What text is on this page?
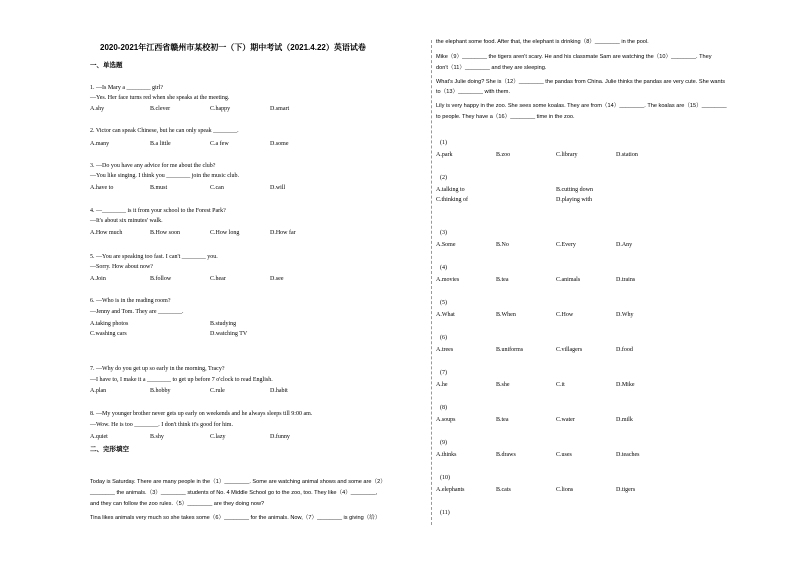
2020-2021年江西省赣州市某校初一（下）期中考试（2021.4.22）英语试卷
一、单选题
1. —Is Mary a ________ girl?
—Yes. Her face turns red when she speaks at the meeting.
A.shy	B.clever	C.happy	D.smart
2. Victor can speak Chinese, but he can only speak ________.
A.many	B.a little	C.a few	D.some
3. —Do you have any advice for me about the club?
—You like singing. I think you ________ join the music club.
A.have to	B.must	C.can	D.will
4. —________ is it from your school to the Forest Park?
—It's about six minutes' walk.
A.How much	B.How soon	C.How long	D.How far
5. —You are speaking too fast. I can't ________ you.
—Sorry. How about now?
A.Join	B.follow	C.hear	D.see
6. —Who is in the reading room?
—Jenny and Tom. They are ________.
A.taking photos	B.studying
C.washing cars	D.watching TV
7. —Why do you get up so early in the morning, Tracy?
—I have to, I make it a ________ to get up before 7 o'clock to read English.
A.plan	B.hobby	C.rule	D.habit
8. —My younger brother never gets up early on weekends and he always sleeps till 9:00 am.
—Wow. He is too ________. I don't think it's good for him.
A.quiet	B.shy	C.lazy	D.funny
二、完形填空
Today is Saturday. There are many people in the（1）________. Some are watching animal shows and some are（2）
________ the animals.（3）________ students of No. 4 Middle School go to the zoo, too. They like（4）________,
and they can follow the zoo rules.（5）________ are they doing now?
Tina likes animals very much so she takes some（6）________ for the animals. Now,（7）________ is giving（给）
the elephant some food. After that, the elephant is drinking（8）________ in the pool.
Mike（9）________ the tigers aren't scary. He and his classmate Sam are watching the（10）________. They
don't（11）________ and they are sleeping.
What's Julie doing? She is（12）________ the pandas from China. Julie thinks the pandas are very cute. She wants
to（13）________ with them.
Lily is very happy in the zoo. She sees some koalas. They are from（14）________. The koalas are（15）________
to people. They have a（16）________ time in the zoo.
(1)
A.park	B.zoo	C.library	D.station
(2)
A.talking to	B.cutting down
C.thinking of	D.playing with
(3)
A.Some	B.No	C.Every	D.Any
(4)
A.movies	B.tea	C.animals	D.trains
(5)
A.What	B.When	C.How	D.Why
(6)
A.trees	B.uniforms	C.villagers	D.food
(7)
A.he	B.she	C.it	D.Mike
(8)
A.soups	B.tea	C.water	D.milk
(9)
A.thinks	B.draws	C.uses	D.teaches
(10)
A.elephants	B.cats	C.lions	D.tigers
(11)
